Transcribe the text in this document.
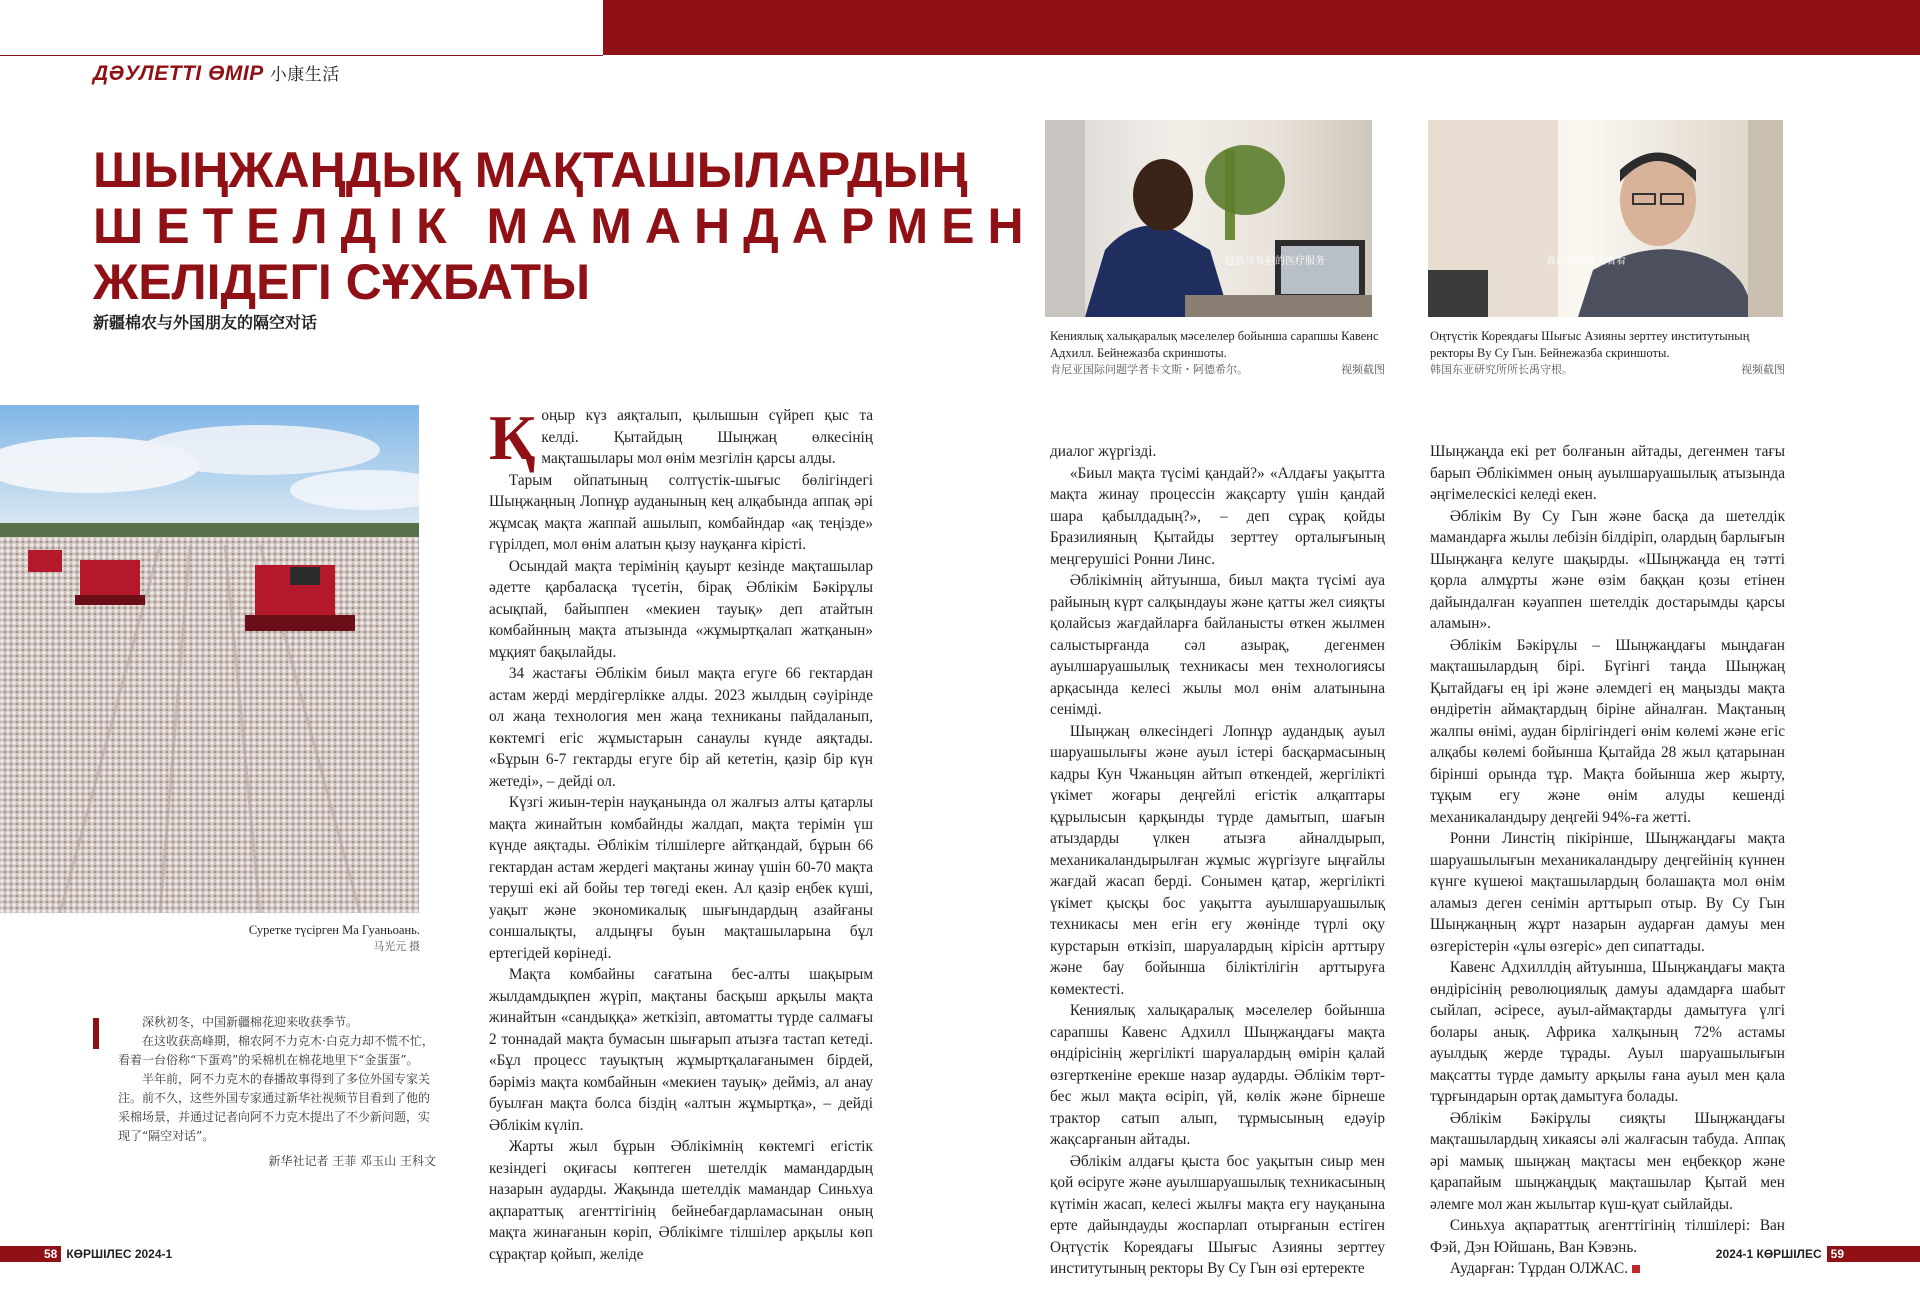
ДӘУЛЕТТІ ӨМІР 小康生活
ШЫҢЖАҢДЫҚ МАҚТАШЫЛАРДЫҢ
ШЕТЕЛДІК МАМАНДАРМЕН
ЖЕЛІДЕГІ СҰХБАТЫ
新疆棉农与外国朋友的隔空对话
Суретке түсірген Ма Гуаньоань.
马光元 摄
包括可负担的医疗服务	真的很想再去看看
Кениялық халықаралық мәселелер бойынша сарапшы Кавенс Адхилл. Бейнежазба скриншоты.
肯尼亚国际问题学者卡文斯・阿德希尔。	视频截图
Оңтүстік Кореядағы Шығыс Азияны зерттеу институтының ректоры Ву Су Гын. Бейнежазба скриншоты.
韩国东亚研究所所长禹守根。	视频截图

深秋初冬，中国新疆棉花迎来收获季节。

在这收获高峰期，棉农阿不力克木·白克力却不慌不忙，看着一台俗称“下蛋鸡”的采棉机在棉花地里下“金蛋蛋”。

半年前，阿不力克木的春播故事得到了多位外国专家关注。前不久，这些外国专家通过新华社视频节目看到了他的采棉场景，并通过记者向阿不力克木提出了不少新问题，实现了“隔空对话”。

新华社记者 王菲 邓玉山 王科文

Қоңыр күз аяқталып, қылышын сүйреп қыс та келді. Қытайдың Шыңжаң өлкесінің мақташылары мол өнім мезгілін қарсы алды.

Тарым ойпатының солтүстік-шығыс бөлігіндегі Шыңжаңның Лопнұр ауданының кең алқабында аппақ әрі жұмсақ мақта жаппай ашылып, комбайндар «ақ теңізде» гүрілдеп, мол өнім алатын қызу науқанға кірісті.

Осындай мақта терімінің қауырт кезінде мақташылар әдетте қарбаласқа түсетін, бірақ Әблікім Бәкірұлы асықпай, байыппен «мекиен тауық» деп атайтын комбайнның мақта атызында «жұмыртқалап жатқанын» мұқият бақылайды.

34 жастағы Әблікім биыл мақта егуге 66 гектардан астам жерді мердігерлікке алды. 2023 жылдың сәуірінде ол жаңа технология мен жаңа техниканы пайдаланып, көктемгі егіс жұмыстарын санаулы күнде аяқтады. «Бұрын 6-7 гектарды егуге бір ай кететін, қазір бір күн жетеді», – дейді ол.

Күзгі жиын-терін науқанында ол жалғыз алты қатарлы мақта жинайтын комбайнды жалдап, мақта терімін үш күнде аяқтады. Әблікім тілшілерге айтқандай, бұрын 66 гектардан астам жердегі мақтаны жинау үшін 60-70 мақта теруші екі ай бойы тер төгеді екен. Ал қазір еңбек күші, уақыт және экономикалық шығындардың азайғаны соншалықты, алдыңғы буын мақташыларына бұл ертегідей көрінеді.

Мақта комбайны сағатына бес-алты шақырым жылдамдықпен жүріп, мақтаны басқыш арқылы мақта жинайтын «сандыққа» жеткізіп, автоматты түрде салмағы 2 тоннадай мақта бумасын шығарып атызға тастап кетеді. «Бұл процесс тауықтың жұмыртқалағанымен бірдей, бәріміз мақта комбайнын «мекиен тауық» дейміз, ал анау буылған мақта болса біздің «алтын жұмыртқа», – дейді Әблікім күліп.

Жарты жыл бұрын Әблікімнің көктемгі егістік кезіндегі оқиғасы көптеген шетелдік мамандардың назарын аударды. Жақында шетелдік мамандар Синьхуа ақпараттық агенттігінің бейнебағдарламасынан оның мақта жинағанын көріп, Әблікімге тілшілер арқылы көп сұрақтар қойып, желіде

диалог жүргізді.

«Биыл мақта түсімі қандай?» «Алдағы уақытта мақта жинау процессін жақсарту үшін қандай шара қабылдадың?», – деп сұрақ қойды Бразилияның Қытайды зерттеу орталығының меңгерушісі Ронни Линс.

Әблікімнің айтуынша, биыл мақта түсімі ауа райының күрт салқындауы және қатты жел сияқты қолайсыз жағдайларға байланысты өткен жылмен салыстырғанда сәл азырақ, дегенмен ауылшаруашылық техникасы мен технологиясы арқасында келесі жылы мол өнім алатынына сенімді.

Шыңжаң өлкесіндегі Лопнұр аудандық ауыл шаруашылығы және ауыл істері басқармасының кадры Кун Чжаньцян айтып өткендей, жергілікті үкімет жоғары деңгейлі егістік алқаптары құрылысын қарқынды түрде дамытып, шағын атыздарды үлкен атызға айналдырып, механикаландырылған жұмыс жүргізуге ыңғайлы жағдай жасап берді. Сонымен қатар, жергілікті үкімет қысқы бос уақытта ауылшаруашылық техникасы мен егін егу жөнінде түрлі оқу курстарын өткізіп, шаруалардың кірісін арттыру және бау бойынша біліктілігін арттыруға көмектесті.

Кениялық халықаралық мәселелер бойынша сарапшы Кавенс Адхилл Шыңжаңдағы мақта өндірісінің жергілікті шаруалардың өмірін қалай өзгерткенінe ерекше назар аударды. Әблікім төрт-бес жыл мақта өсіріп, үй, көлік және бірнеше трактор сатып алып, тұрмысының едәуір жақсарғанын айтады.

Әблікім алдағы қыста бос уақытын сиыр мен қой өсіруге және ауылшаруашылық техникасының күтімін жасап, келесі жылғы мақта егу науқанына ерте дайындауды жоспарлап отырғанын естіген Оңтүстік Кореядағы Шығыс Азияны зерттеу институтының ректоры Ву Су Гын өзі ертеректе

Шыңжаңда екі рет болғанын айтады, дегенмен тағы барып Әблікіммен оның ауылшаруашылық атызында әңгімелескісі келеді екен.

Әблікім Ву Су Гын және басқа да шетелдік мамандарға жылы лебізін білдіріп, олардың барлығын Шыңжаңға келуге шақырды. «Шыңжаңда ең тәтті қорла алмұрты және өзім баққан қозы етінен дайындалған кәуаппен шетелдік достарымды қарсы аламын».

Әблікім Бәкірұлы – Шыңжаңдағы мыңдаған мақташылардың бірі. Бүгінгі таңда Шыңжаң Қытайдағы ең ірі және әлемдегі ең маңызды мақта өндіретін аймақтардың біріне айналған. Мақтаның жалпы өнімі, аудан бірлігіндегі өнім көлемі және егіс алқабы көлемі бойынша Қытайда 28 жыл қатарынан бірінші орында тұр. Мақта бойынша жер жырту, тұқым егу және өнім алуды кешенді механикаландыру деңгейі 94%-ға жетті.

Ронни Линстің пікірінше, Шыңжаңдағы мақта шаруашылығын механикаландыру деңгейінің күннен күнге күшеюі мақташылардың болашақта мол өнім аламыз деген сенімін арттырып отыр. Ву Су Гын Шыңжаңның жұрт назарын аударған дамуы мен өзгерістерін «ұлы өзгеріс» деп сипаттады.

Кавенс Адхиллдің айтуынша, Шыңжаңдағы мақта өндірісінің революциялық дамуы адамдарға шабыт сыйлап, әсіресе, ауыл-аймақтарды дамытуға үлгі болары анық. Африка халқының 72% астамы ауылдық жерде тұрады. Ауыл шаруашылығын мақсатты түрде дамыту арқылы ғана ауыл мен қала тұрғындарын ортақ дамытуға болады.

Әблікім Бәкірұлы сияқты Шыңжаңдағы мақташылардың хикаясы әлі жалғасын табуда. Аппақ әрі мамық шыңжаң мақтасы мен еңбекқор және қарапайым шыңжаңдық мақташылар Қытай мен әлемге мол жан жылытар күш-қуат сыйлайды.

Синьхуа ақпараттық агенттігінің тілшілері: Ван Фэй, Дэн Юйшань, Ван Кэвэнь.

Аударған: Тұрдан ОЛЖАС.

58 КӨРШІЛЕС 2024-1	2024-1 КӨРШІЛЕС 59
